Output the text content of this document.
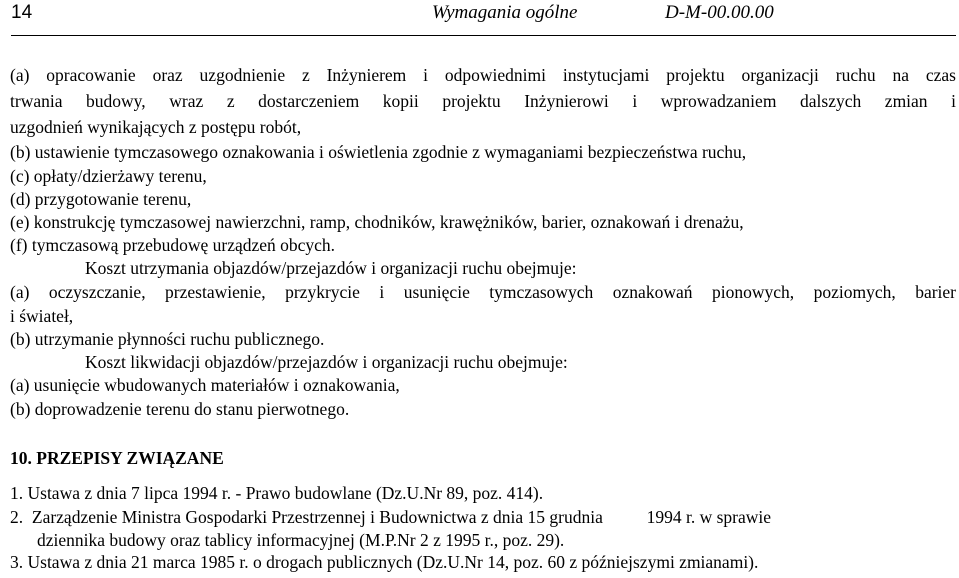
14	Wymagania ogólne	D-M-00.00.00
(a) opracowanie oraz uzgodnienie z Inżynierem i odpowiednimi instytucjami projektu organizacji ruchu na czas
trwania budowy, wraz z dostarczeniem kopii projektu Inżynierowi i wprowadzaniem dalszych zmian i
uzgodnień wynikających z postępu robót,
(b) ustawienie tymczasowego oznakowania i oświetlenia zgodnie z wymaganiami bezpieczeństwa ruchu,
(c) opłaty/dzierżawy terenu,
(d) przygotowanie terenu,
(e) konstrukcję tymczasowej nawierzchni, ramp, chodników, krawężników, barier, oznakowań i drenażu,
(f) tymczasową przebudowę urządzeń obcych.
Koszt utrzymania objazdów/przejazdów i organizacji ruchu obejmuje:
(a) oczyszczanie, przestawienie, przykrycie i usunięcie tymczasowych oznakowań pionowych, poziomych, barier
i świateł,
(b) utrzymanie płynności ruchu publicznego.
Koszt likwidacji objazdów/przejazdów i organizacji ruchu obejmuje:
(a) usunięcie wbudowanych materiałów i oznakowania,
(b) doprowadzenie terenu do stanu pierwotnego.
10. PRZEPISY ZWIĄZANE
1. Ustawa z dnia 7 lipca 1994 r. - Prawo budowlane (Dz.U.Nr 89, poz. 414).
2.  Zarządzenie Ministra Gospodarki Przestrzennej i Budownictwa z dnia 15 grudnia          1994 r. w sprawie
dziennika budowy oraz tablicy informacyjnej (M.P.Nr 2 z 1995 r., poz. 29).
3. Ustawa z dnia 21 marca 1985 r. o drogach publicznych (Dz.U.Nr 14, poz. 60 z późniejszymi zmianami).
